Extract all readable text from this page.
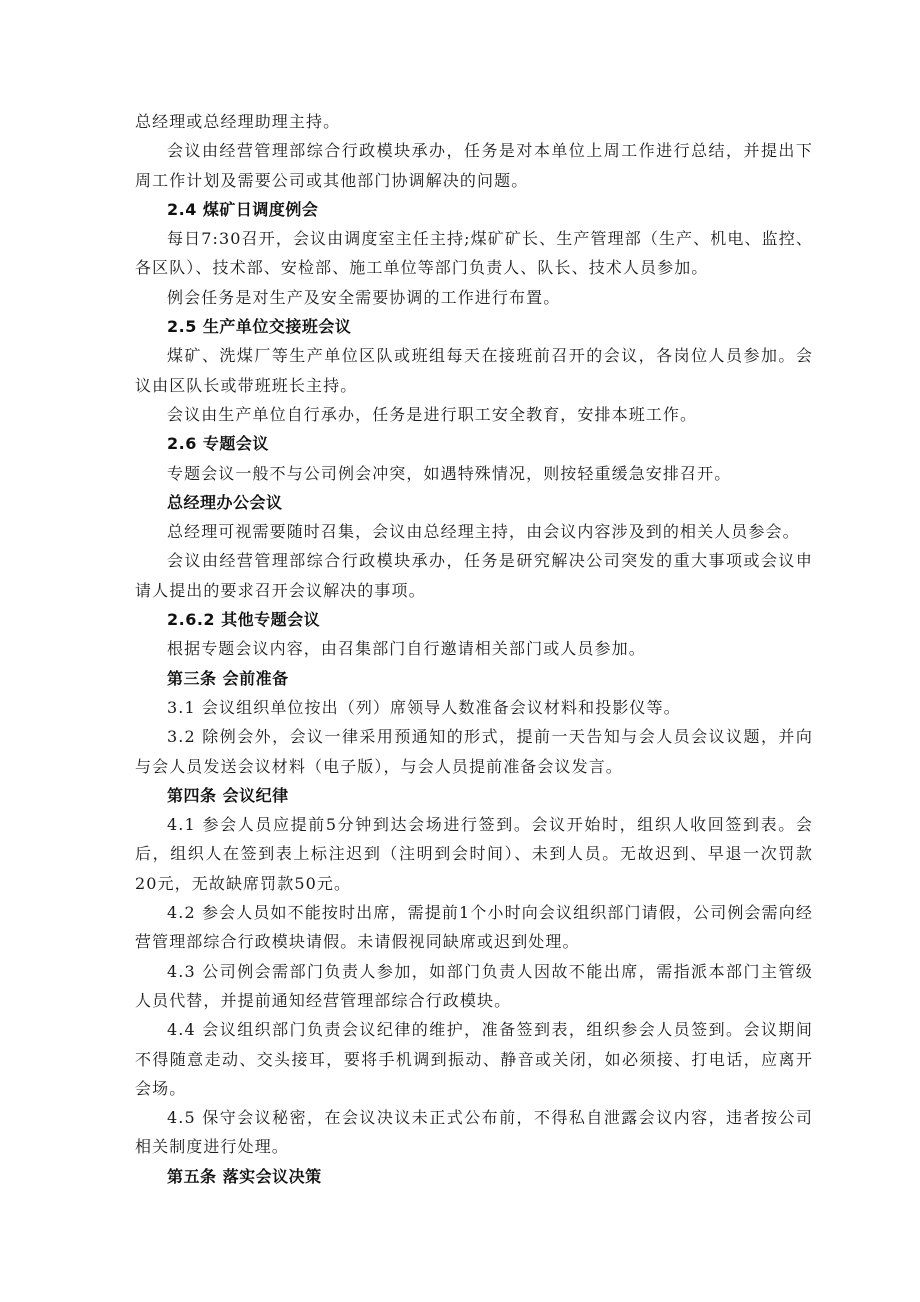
总经理或总经理助理主持。

会议由经营管理部综合行政模块承办，任务是对本单位上周工作进行总结，并提出下周工作计划及需要公司或其他部门协调解决的问题。

2.4 煤矿日调度例会

每日7:30召开，会议由调度室主任主持;煤矿矿长、生产管理部（生产、机电、监控、各区队）、技术部、安检部、施工单位等部门负责人、队长、技术人员参加。

例会任务是对生产及安全需要协调的工作进行布置。

2.5 生产单位交接班会议

煤矿、洗煤厂等生产单位区队或班组每天在接班前召开的会议，各岗位人员参加。会议由区队长或带班班长主持。

会议由生产单位自行承办，任务是进行职工安全教育，安排本班工作。

2.6 专题会议

专题会议一般不与公司例会冲突，如遇特殊情况，则按轻重缓急安排召开。

总经理办公会议

总经理可视需要随时召集，会议由总经理主持，由会议内容涉及到的相关人员参会。

会议由经营管理部综合行政模块承办，任务是研究解决公司突发的重大事项或会议申请人提出的要求召开会议解决的事项。

2.6.2 其他专题会议

根据专题会议内容，由召集部门自行邀请相关部门或人员参加。

第三条 会前准备

3.1 会议组织单位按出（列）席领导人数准备会议材料和投影仪等。

3.2 除例会外，会议一律采用预通知的形式，提前一天告知与会人员会议议题，并向与会人员发送会议材料（电子版），与会人员提前准备会议发言。

第四条 会议纪律

4.1 参会人员应提前5分钟到达会场进行签到。会议开始时，组织人收回签到表。会后，组织人在签到表上标注迟到（注明到会时间）、未到人员。无故迟到、早退一次罚款20元，无故缺席罚款50元。

4.2 参会人员如不能按时出席，需提前1个小时向会议组织部门请假，公司例会需向经营管理部综合行政模块请假。未请假视同缺席或迟到处理。

4.3 公司例会需部门负责人参加，如部门负责人因故不能出席，需指派本部门主管级人员代替，并提前通知经营管理部综合行政模块。

4.4 会议组织部门负责会议纪律的维护，准备签到表，组织参会人员签到。会议期间不得随意走动、交头接耳，要将手机调到振动、静音或关闭，如必须接、打电话，应离开会场。

4.5 保守会议秘密，在会议决议未正式公布前，不得私自泄露会议内容，违者按公司相关制度进行处理。

第五条 落实会议决策
